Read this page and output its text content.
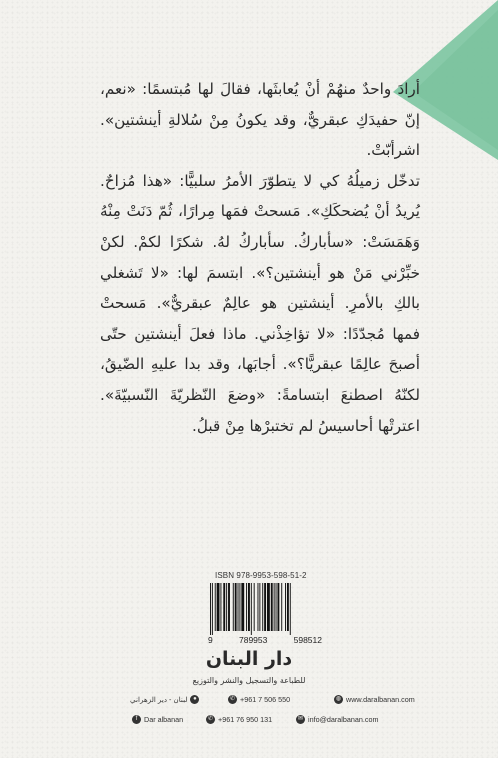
أرادَ واحدٌ منهُمْ أنْ يُعابثَها، فقالَ لها مُبتسمًا: «نعم، إنّ حفيدَكِ عبقريٌّ، وقد يكونُ مِنْ سُلالةِ أينشتين». اشرأبّتْ.

تدخّل زميلُهُ كي لا يتطوّرَ الأمرُ سلبيًّا: «هذا مُزاحٌ. يُريدُ أنْ يُضحكَكِ». مَسحتْ فمَها مِرارًا، ثُمّ دَنَتْ مِنْهُ وَهَمَسَتْ: «سأباركُ. سأباركُ لهُ. شكرًا لكمْ. لكنْ خبِّرْني مَنْ هو أينشتين؟». ابتسمَ لها: «لا تَشغلي بالكِ بالأمرِ. أينشتين هو عالِمٌ عبقريٌّ». مَسحتْ فمها مُجدّدًا: «لا تؤاخِذْني. ماذا فعلَ أينشتين حتّى أصبحَ عالِمًا عبقريًّا؟». أجابَها، وقد بدا عليهِ الضّيقُ، لكنّهُ اصطنعَ ابتسامةً: «وضعَ النّظريّةَ النّسبيّةَ». اعترتْها أحاسيسُ لم تختبرْها مِنْ قبلُ.

ISBN 978-9953-598-51-2
9	789953	598512
دار البنان
للطباعة والتسجيل والنشر والتوزيع
◍ www.daralbanan.com
✆ +961 7 506 550
●
لبنان - دير الزهراني
✉ info@daralbanan.com
✆ +961 76 950 131
f Dar albanan
